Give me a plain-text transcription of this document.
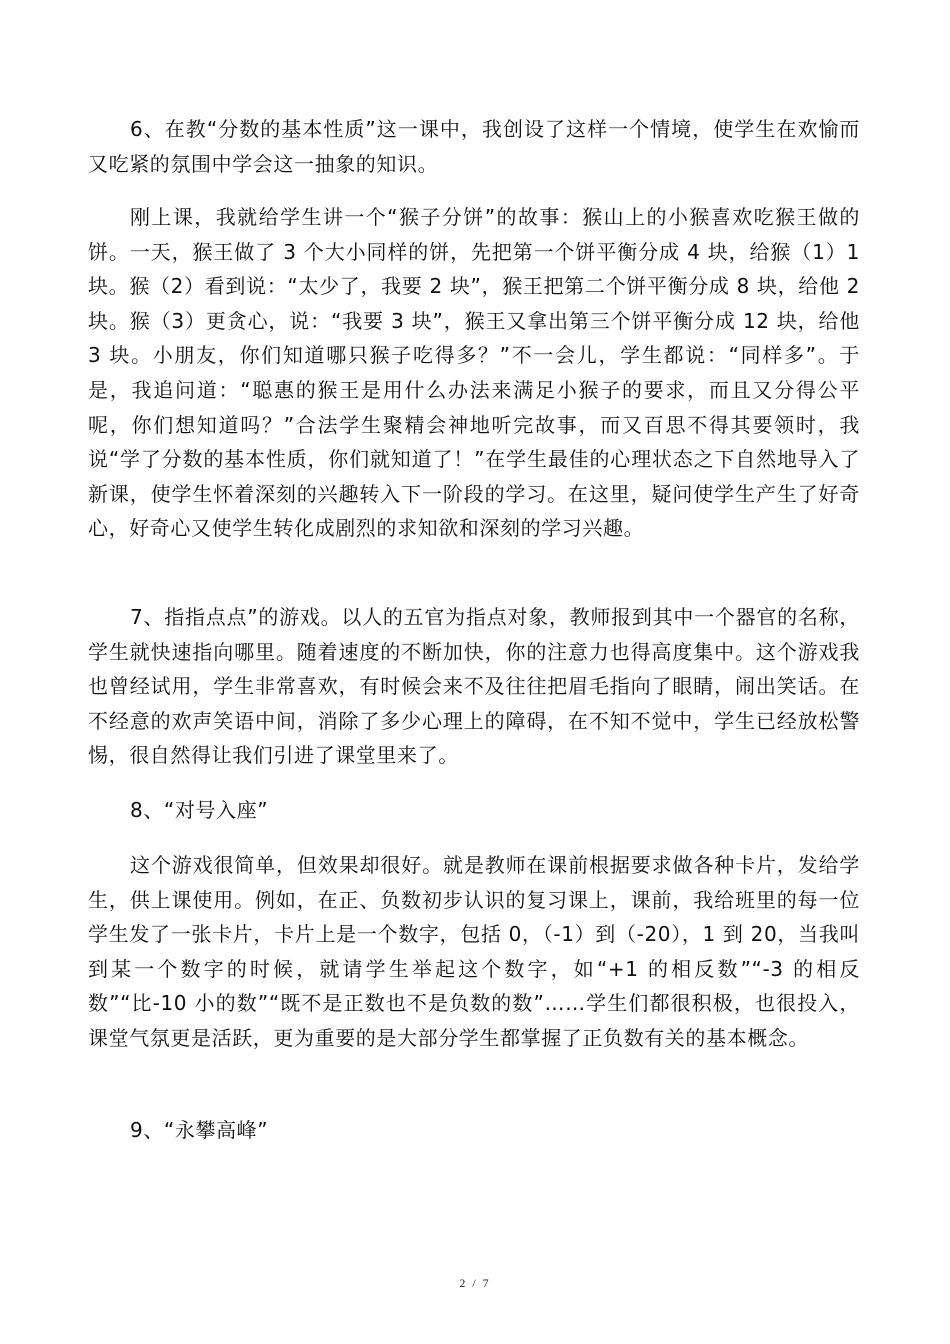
6、在教“分数的基本性质”这一课中，我创设了这样一个情境，使学生在欢愉而又吃紧的氛围中学会这一抽象的知识。

刚上课，我就给学生讲一个“猴子分饼”的故事：猴山上的小猴喜欢吃猴王做的饼。一天，猴王做了 3 个大小同样的饼，先把第一个饼平衡分成 4 块，给猴（1）1 块。猴（2）看到说：“太少了，我要 2 块”，猴王把第二个饼平衡分成 8 块，给他 2 块。猴（3）更贪心，说：“我要 3 块”，猴王又拿出第三个饼平衡分成 12 块，给他 3 块。小朋友，你们知道哪只猴子吃得多？”不一会儿，学生都说：“同样多”。于是，我追问道：“聪惠的猴王是用什么办法来满足小猴子的要求，而且又分得公平呢，你们想知道吗？”合法学生聚精会神地听完故事，而又百思不得其要领时，我说“学了分数的基本性质，你们就知道了！”在学生最佳的心理状态之下自然地导入了新课，使学生怀着深刻的兴趣转入下一阶段的学习。在这里，疑问使学生产生了好奇心，好奇心又使学生转化成剧烈的求知欲和深刻的学习兴趣。

7、指指点点”的游戏。以人的五官为指点对象，教师报到其中一个器官的名称，学生就快速指向哪里。随着速度的不断加快，你的注意力也得高度集中。这个游戏我也曾经试用，学生非常喜欢，有时候会来不及往往把眉毛指向了眼睛，闹出笑话。在不经意的欢声笑语中间，消除了多少心理上的障碍，在不知不觉中，学生已经放松警惕，很自然得让我们引进了课堂里来了。

8、“对号入座”

这个游戏很简单，但效果却很好。就是教师在课前根据要求做各种卡片，发给学生，供上课使用。例如，在正、负数初步认识的复习课上，课前，我给班里的每一位学生发了一张卡片，卡片上是一个数字，包括 0，（-1）到（-20），1 到 20，当我叫到某一个数字的时候，就请学生举起这个数字，如“+1 的相反数”“-3 的相反数”“比-10 小的数”“既不是正数也不是负数的数”……学生们都很积极，也很投入，课堂气氛更是活跃，更为重要的是大部分学生都掌握了正负数有关的基本概念。

9、“永攀高峰”

2 / 7
